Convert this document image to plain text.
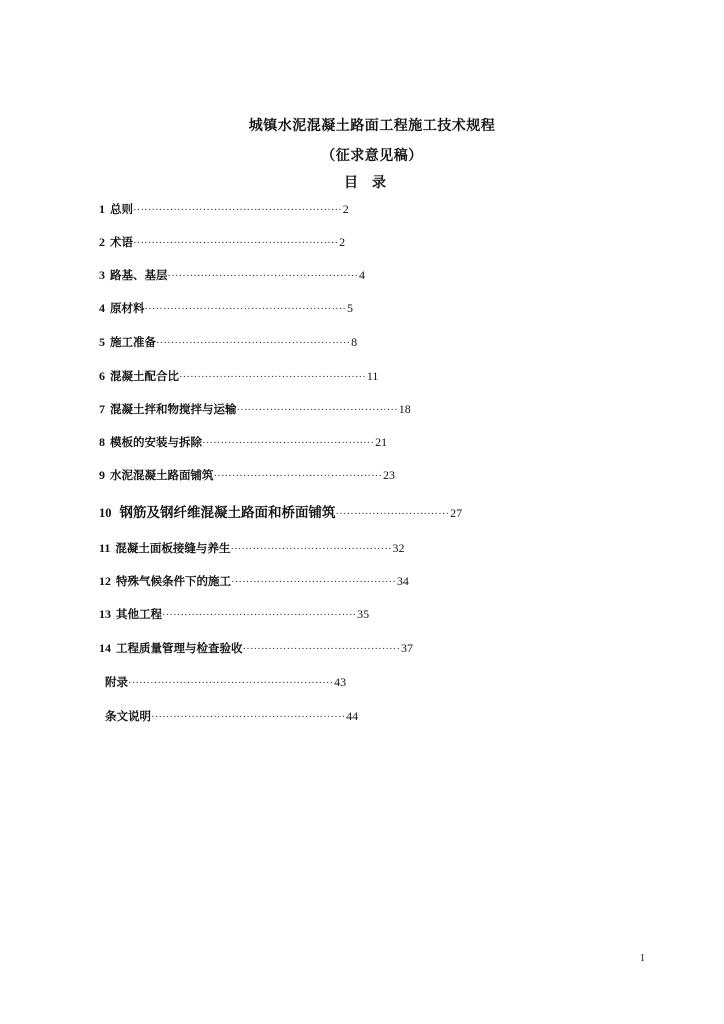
城镇水泥混凝土路面工程施工技术规程
（征求意见稿）
目录
1 总则 ························································· 2
2 术语 ························································ 2
3 路基、基层 ···················································· 4
4 原材料 ······················································· 5
5 施工准备 ····················································· 8
6 混凝土配合比 ··················································· 11
7 混凝土拌和物搅拌与运输 ············································ 18
8 模板的安装与拆除 ··············································· 21
9 水泥混凝土路面铺筑 ·············································· 23
10 钢筋及钢纤维混凝土路面和桥面铺筑 ······························· 27
11 混凝土面板接缝与养生 ············································ 32
12 特殊气候条件下的施工 ············································· 34
13 其他工程 ····················································· 35
14 工程质量管理与检查验收 ··········································· 37
附录 ························································ 43
条文说明 ····················································· 44
1
